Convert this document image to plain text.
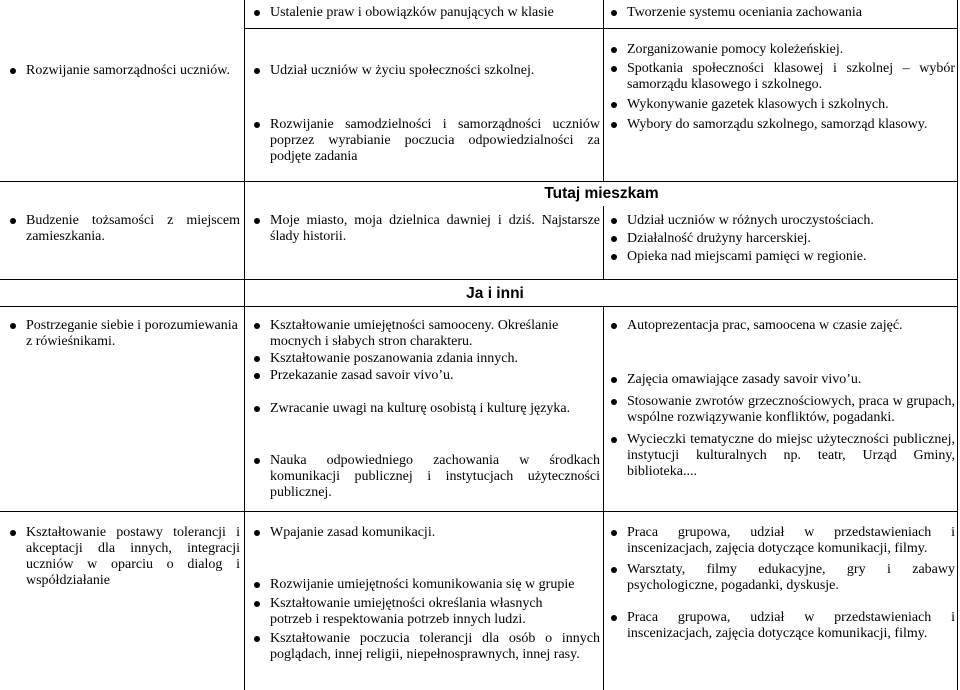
Ustalenie praw i obowiązków panujących w klasie	Tworzenie systemu oceniania zachowania
Rozwijanie samorządności uczniów.	Udział uczniów w życiu społeczności szkolnej.
Rozwijanie samodzielności i samorządności uczniów poprzez wyrabianie poczucia odpowiedzialności za podjęte zadania
Zorganizowanie pomocy koleżeńskiej.
Spotkania społeczności klasowej i szkolnej – wybór samorządu klasowego i szkolnego.
Wykonywanie gazetek klasowych i szkolnych.
Wybory do samorządu szkolnego, samorząd klasowy.
Tutaj mieszkam
Budzenie tożsamości z miejscem zamieszkania.
Moje miasto, moja dzielnica dawniej i dziś. Najstarsze ślady historii.
Udział uczniów w różnych uroczystościach.
Działalność drużyny harcerskiej.
Opieka nad miejscami pamięci w regionie.
Ja i inni
Postrzeganie siebie i porozumiewania z rówieśnikami.
Kształtowanie umiejętności samooceny. Określanie mocnych i słabych stron charakteru.
Kształtowanie poszanowania zdania innych.
Przekazanie zasad savoir vivo’u.
Zwracanie uwagi na kulturę osobistą i kulturę języka.
Nauka odpowiedniego zachowania w środkach komunikacji publicznej i instytucjach użyteczności publicznej.
Autoprezentacja prac, samoocena w czasie zajęć.
Zajęcia omawiające zasady savoir vivo’u.
Stosowanie zwrotów grzecznościowych, praca w grupach, wspólne rozwiązywanie konfliktów, pogadanki.
Wycieczki tematyczne do miejsc użyteczności publicznej, instytucji kulturalnych np. teatr, Urząd Gminy, biblioteka....
Kształtowanie postawy tolerancji i akceptacji dla innych, integracji uczniów w oparciu o dialog i współdziałanie
Wpajanie zasad komunikacji.
Rozwijanie umiejętności komunikowania się w grupie
Kształtowanie umiejętności określania własnych potrzeb i respektowania potrzeb innych ludzi.
Kształtowanie poczucia tolerancji dla osób o innych poglądach, innej religii, niepełnosprawnych, innej rasy.
Praca grupowa, udział w przedstawieniach i inscenizacjach, zajęcia dotyczące komunikacji, filmy.
Warsztaty, filmy edukacyjne, gry i zabawy psychologiczne, pogadanki, dyskusje.
Praca grupowa, udział w przedstawieniach i inscenizacjach, zajęcia dotyczące komunikacji, filmy.
